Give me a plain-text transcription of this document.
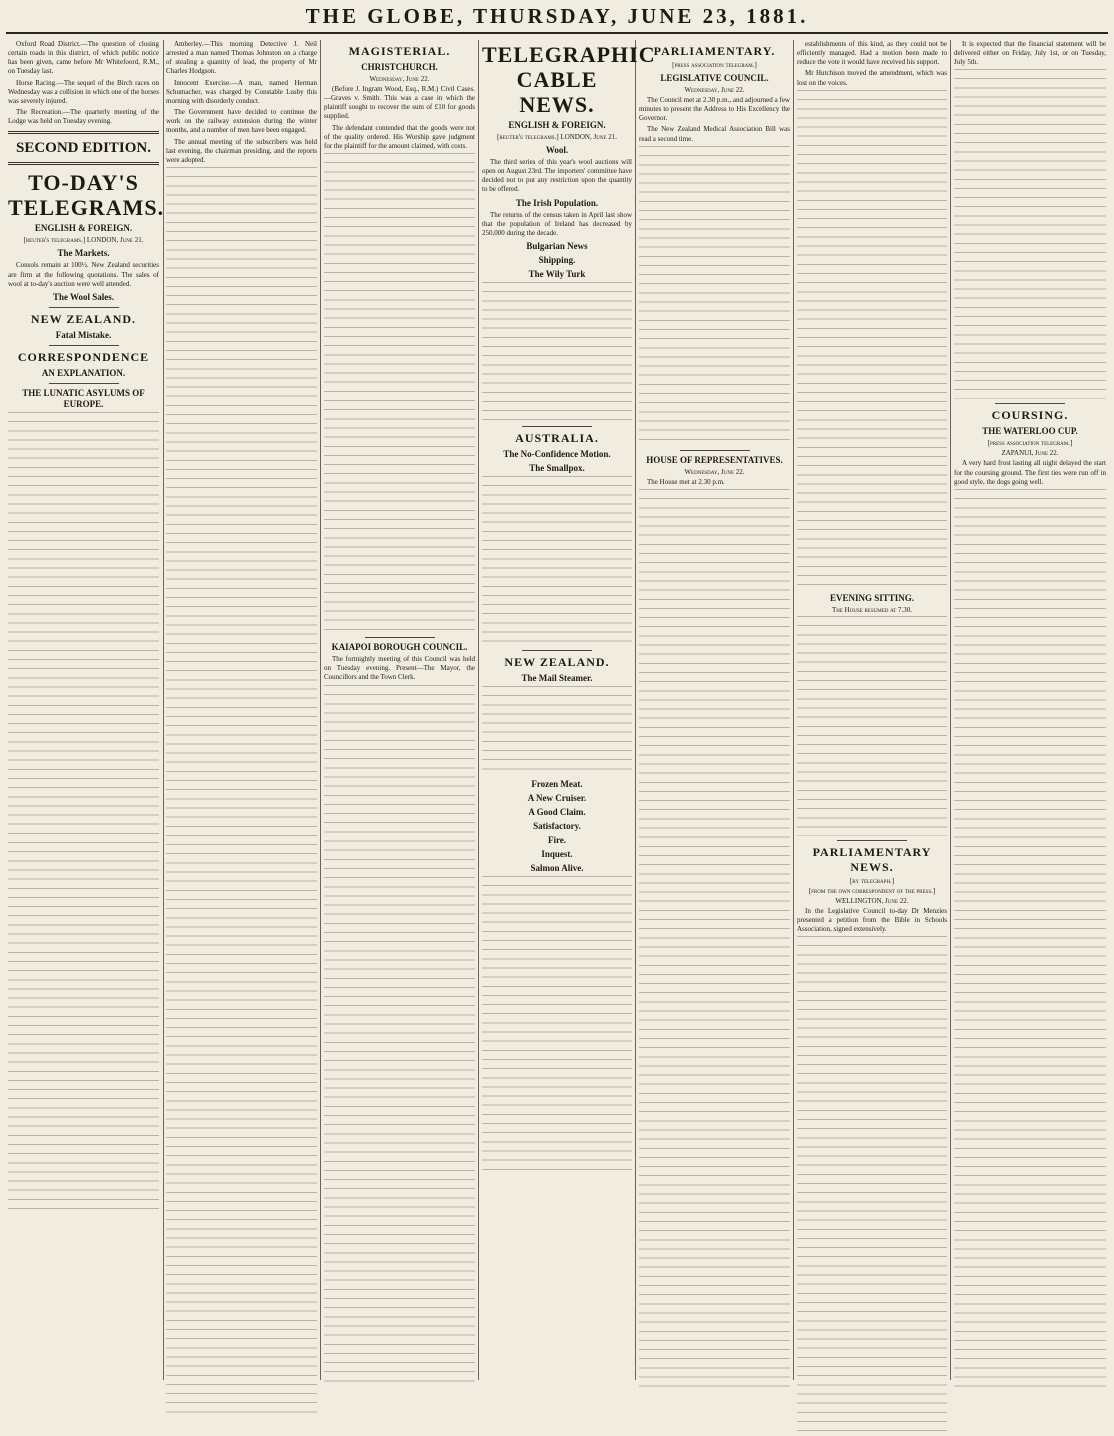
THE GLOBE, THURSDAY, JUNE 23, 1881.

Oxford Road District.—The question of closing certain roads in this district, of which public notice has been given, came before Mr Whitefoord, R.M., on Tuesday last.

Horse Racing.—The sequel of the Birch races on Wednesday was a collision in which one of the horses was severely injured.

The Recreation.—The quarterly meeting of the Lodge was held on Tuesday evening.

SECOND EDITION.
TO-DAY'S TELEGRAMS.
ENGLISH & FOREIGN.
[reuter's telegrams.] LONDON, June 21.
The Markets.

Consols remain at 100½. New Zealand securities are firm at the following quotations. The sales of wool at to-day's auction were well attended.

The Wool Sales.
NEW ZEALAND.
Fatal Mistake.
CORRESPONDENCE
AN EXPLANATION.
THE LUNATIC ASYLUMS OF EUROPE.

Amberley.—This morning Detective J. Neil arrested a man named Thomas Johnston on a charge of stealing a quantity of lead, the property of Mr Charles Hodgson.

Innocent Exercise.—A man, named Herman Schumacher, was charged by Constable Lusby this morning with disorderly conduct.

The Government have decided to continue the work on the railway extension during the winter months, and a number of men have been engaged.

The annual meeting of the subscribers was held last evening, the chairman presiding, and the reports were adopted.

MAGISTERIAL.
CHRISTCHURCH.
Wednesday, June 22.

(Before J. Ingram Wood, Esq., R.M.) Civil Cases.—Graves v. Smith. This was a case in which the plaintiff sought to recover the sum of £10 for goods supplied.

The defendant contended that the goods were not of the quality ordered. His Worship gave judgment for the plaintiff for the amount claimed, with costs.

KAIAPOI BOROUGH COUNCIL.

The fortnightly meeting of this Council was held on Tuesday evening. Present—The Mayor, the Councillors and the Town Clerk.

TELEGRAPHIC CABLE NEWS.
ENGLISH & FOREIGN.
[reuter's telegrams.] LONDON, June 21.
Wool.

The third series of this year's wool auctions will open on August 23rd. The importers' committee have decided not to put any restriction upon the quantity to be offered.

The Irish Population.

The returns of the census taken in April last show that the population of Ireland has decreased by 250,000 during the decade.

Bulgarian News
Shipping.
The Wily Turk
AUSTRALIA.
The No-Confidence Motion.
The Smallpox.
NEW ZEALAND.
The Mail Steamer.
Frozen Meat.
A New Cruiser.
A Good Claim.
Satisfactory.
Fire.
Inquest.
Salmon Alive.
PARLIAMENTARY.
[press association telegram.]
LEGISLATIVE COUNCIL.
Wednesday, June 22.

The Council met at 2.30 p.m., and adjourned a few minutes to present the Address to His Excellency the Governor.

The New Zealand Medical Association Bill was read a second time.

HOUSE OF REPRESENTATIVES.
Wednesday, June 22.

The House met at 2.30 p.m.

establishments of this kind, as they could not be efficiently managed. Had a motion been made to reduce the vote it would have received his support.

Mr Hutchison moved the amendment, which was lost on the voices.

EVENING SITTING.
The House resumed at 7.30.
PARLIAMENTARY NEWS.
[by telegraph.]
[from the own correspondent of the press.]
WELLINGTON, June 22.

In the Legislative Council to-day Dr Menzies presented a petition from the Bible in Schools Association, signed extensively.

It is expected that the financial statement will be delivered either on Friday, July 1st, or on Tuesday, July 5th.

COURSING.
THE WATERLOO CUP.
[press association telegram.]
ZAPANUI, June 22.

A very hard frost lasting all night delayed the start for the coursing ground. The first ties were run off in good style, the dogs going well.
